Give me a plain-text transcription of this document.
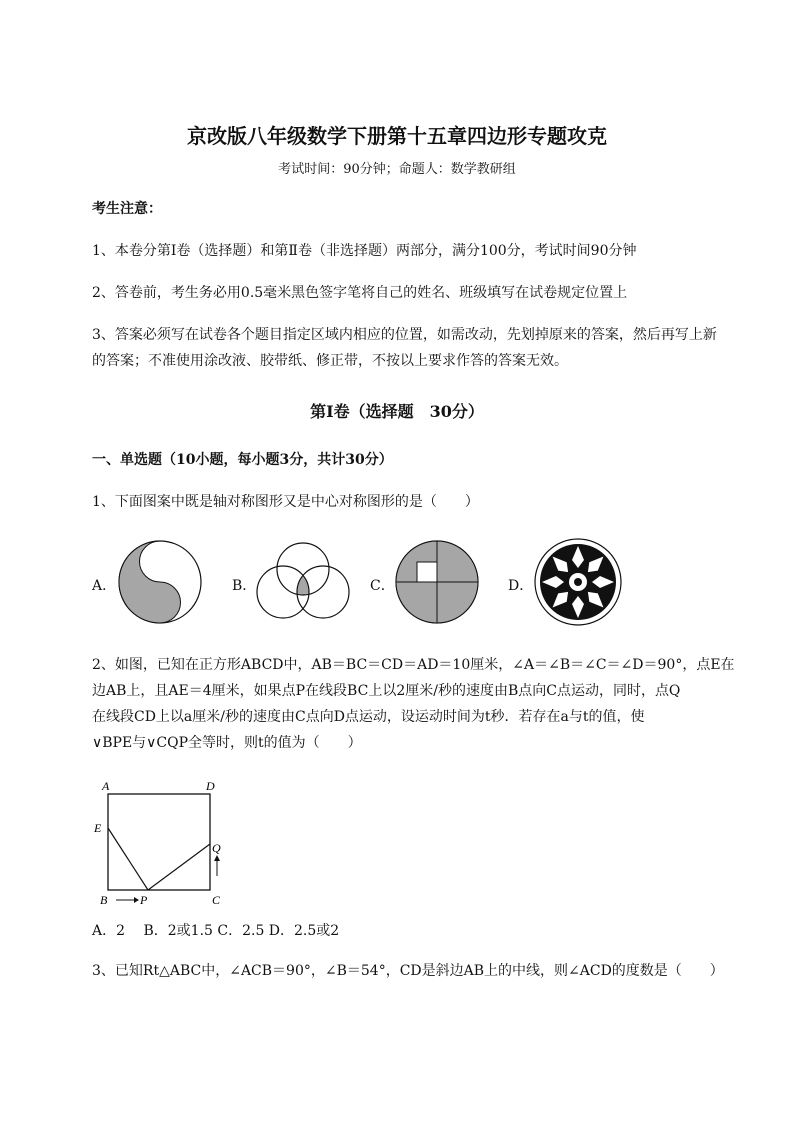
京改版八年级数学下册第十五章四边形专题攻克
考试时间：90分钟；命题人：数学教研组
考生注意：
1、本卷分第I卷（选择题）和第Ⅱ卷（非选择题）两部分，满分100分，考试时间90分钟
2、答卷前，考生务必用0.5毫米黑色签字笔将自己的姓名、班级填写在试卷规定位置上
3、答案必须写在试卷各个题目指定区域内相应的位置，如需改动，先划掉原来的答案，然后再写上新
的答案；不准使用涂改液、胶带纸、修正带，不按以上要求作答的答案无效。
第I卷（选择题　30分）
一、单选题（10小题，每小题3分，共计30分）
1、下面图案中既是轴对称图形又是中心对称图形的是（　　）
A．	B．	C．	D．
2、如图，已知在正方形ABCD中，AB＝BC＝CD＝AD＝10厘米，∠A＝∠B＝∠C＝∠D＝90°，点E在
边AB上，且AE＝4厘米，如果点P在线段BC上以2厘米/秒的速度由B点向C点运动，同时，点Q
在线段CD上以a厘米/秒的速度由C点向D点运动，设运动时间为t秒．若存在a与t的值，使
∨BPE与∨CQP全等时，则t的值为（　　）
A	D
E
Q
B	P	C
A．2　 B．2或1.5 C．2.5 D．2.5或2
3、已知Rt△ABC中，∠ACB＝90°，∠B＝54°，CD是斜边AB上的中线，则∠ACD的度数是（　　）
